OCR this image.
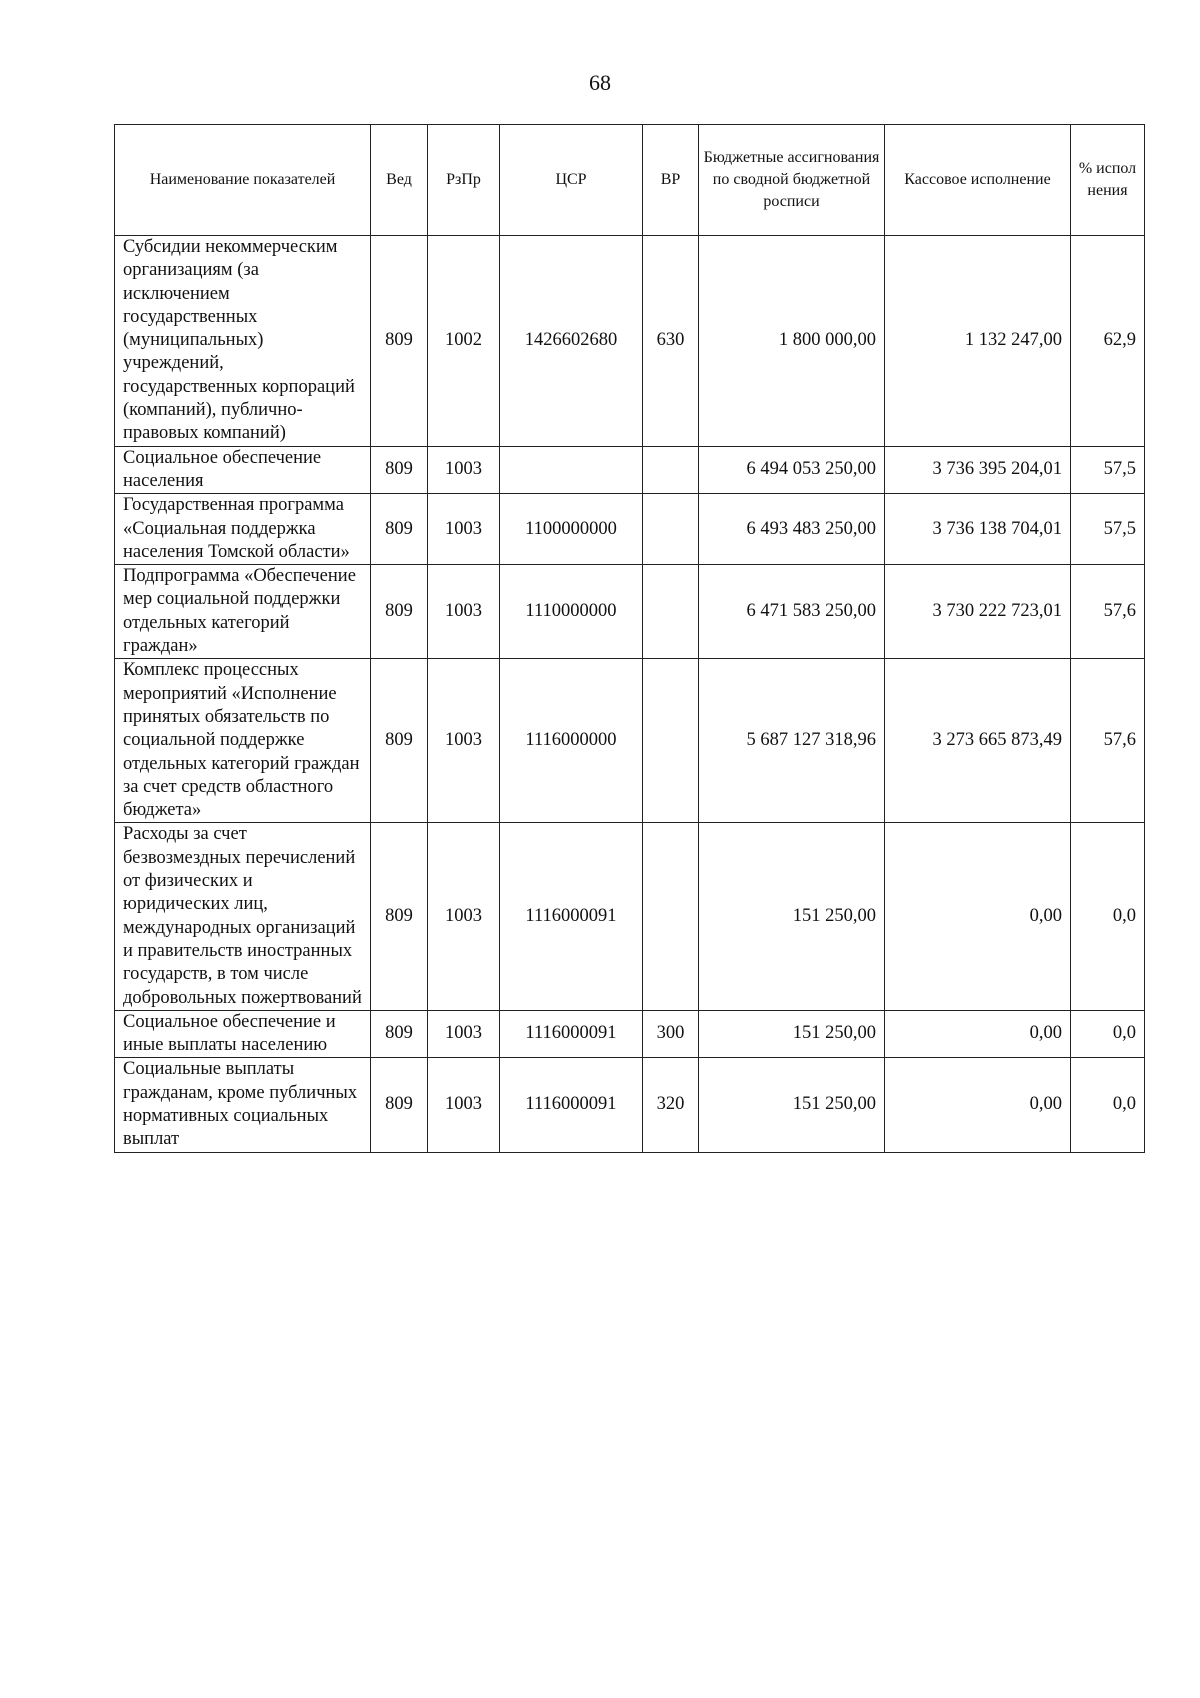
68
Наименование показателей	Вед	РзПр	ЦСР	ВР	Бюджетные ассигнования по сводной бюджетной росписи	Кассовое исполнение	% испол нения
Субсидии некоммерческим организациям (за исключением государственных (муниципальных) учреждений, государственных корпораций (компаний), публично-правовых компаний)	809	1002	1426602680	630	1 800 000,00	1 132 247,00	62,9
Социальное обеспечение населения	809	1003			6 494 053 250,00	3 736 395 204,01	57,5
Государственная программа «Социальная поддержка населения Томской области»	809	1003	1100000000		6 493 483 250,00	3 736 138 704,01	57,5
Подпрограмма «Обеспечение мер социальной поддержки отдельных категорий граждан»	809	1003	1110000000		6 471 583 250,00	3 730 222 723,01	57,6
Комплекс процессных мероприятий «Исполнение принятых обязательств по социальной поддержке отдельных категорий граждан за счет средств областного бюджета»	809	1003	1116000000		5 687 127 318,96	3 273 665 873,49	57,6
Расходы за счет безвозмездных перечислений от физических и юридических лиц, международных организаций и правительств иностранных государств, в том числе добровольных пожертвований	809	1003	1116000091		151 250,00	0,00	0,0
Социальное обеспечение и иные выплаты населению	809	1003	1116000091	300	151 250,00	0,00	0,0
Социальные выплаты гражданам, кроме публичных нормативных социальных выплат	809	1003	1116000091	320	151 250,00	0,00	0,0
